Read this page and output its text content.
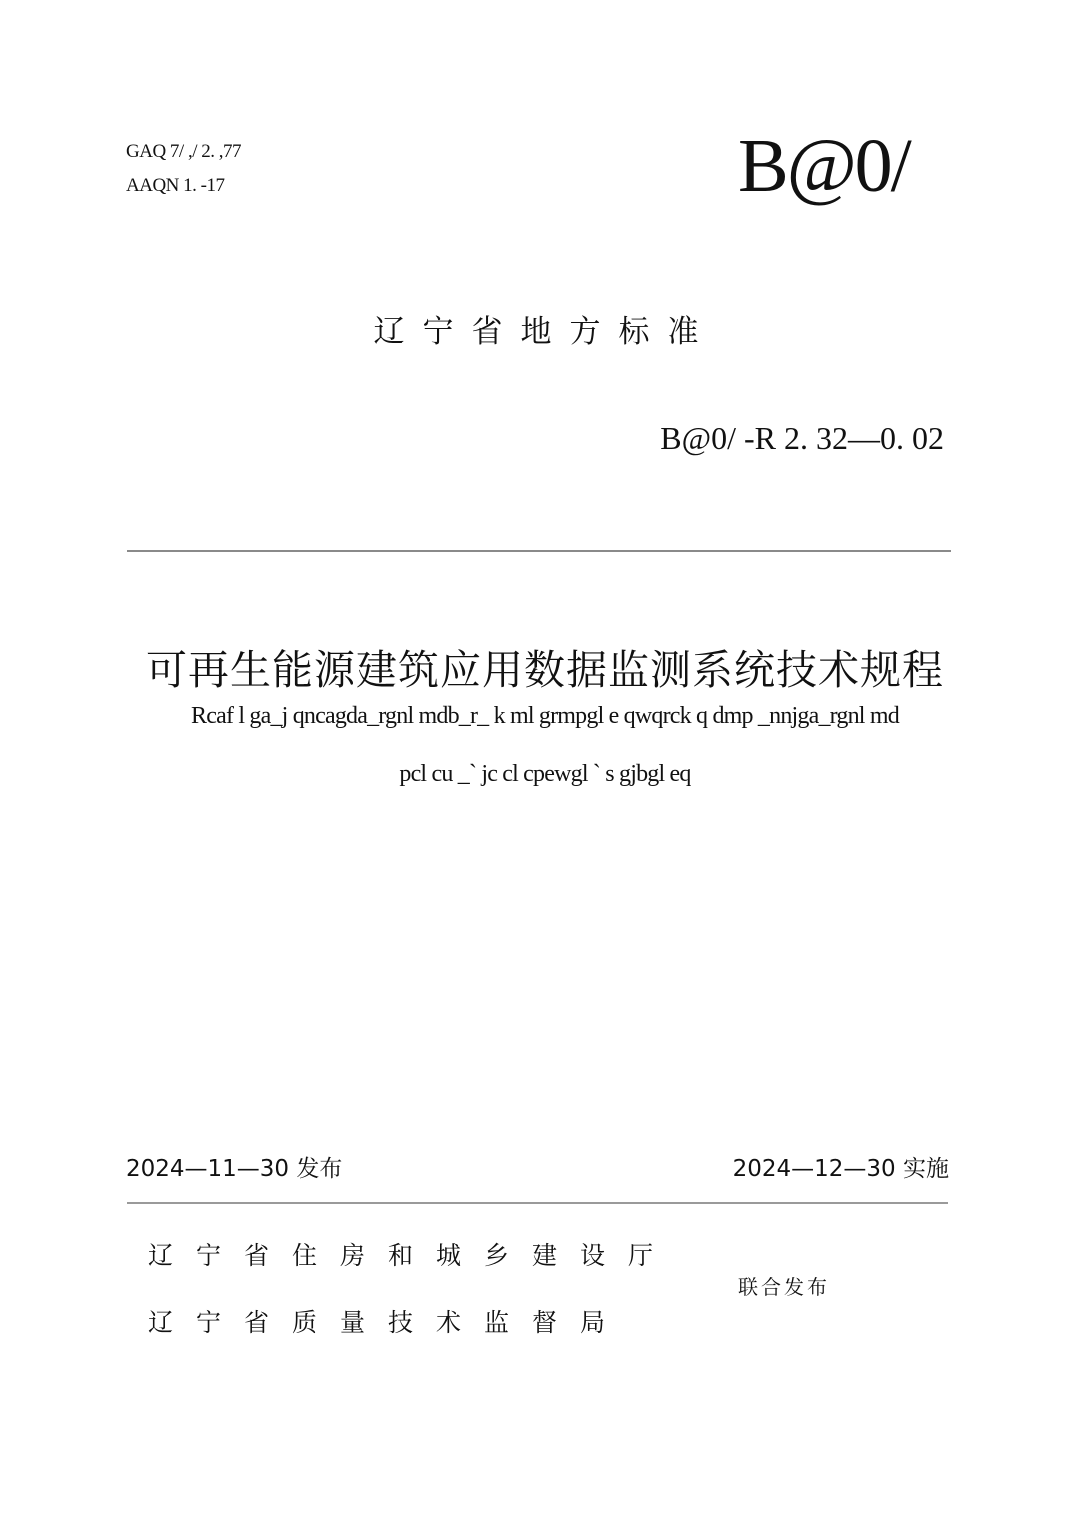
GAQ 7/ ,/ 2. ,77
AAQN 1. -17	B@0/
辽宁省地方标准
B@0/ -R 2. 32—0. 02
可再生能源建筑应用数据监测系统技术规程
Rcaf l ga_j qncagda_rgnl mdb_r_ k ml grmpgl e qwqrck q dmp _nnjga_rgnl md
pcl cu _` jc cl cpewgl ` s gjbgl eq
2024—11—30 发布	2024—12—30 实施
辽宁省住房和城乡建设厅
辽宁省质量技术监督局
联合发布
